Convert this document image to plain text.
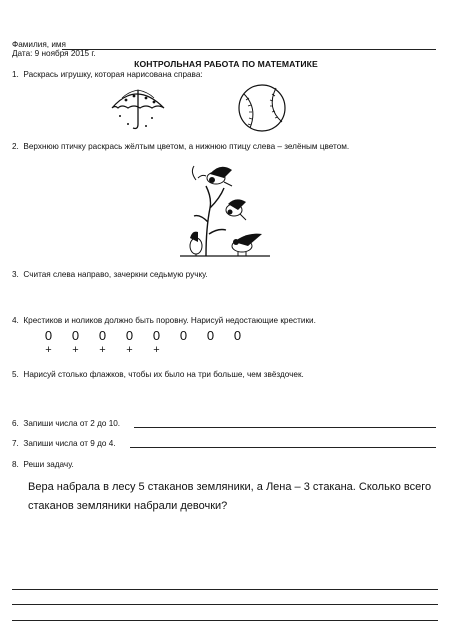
Фамилия, имя
Дата: 9 ноября 2015 г.
КОНТРОЛЬНАЯ РАБОТА ПО МАТЕМАТИКЕ
1. Раскрась игрушку, которая нарисована справа:
2. Верхнюю птичку раскрась жёлтым цветом, а нижнюю птицу слева – зелёным цветом.
3. Считая слева направо, зачеркни седьмую ручку.
4. Крестиков и ноликов должно быть поровну. Нарисуй недостающие крестики.
0 0 0 0 0 0 0 0
+ + + + +
5. Нарисуй столько флажков, чтобы их было на три больше, чем звёздочек.
6. Запиши числа от 2 до 10.
7. Запиши числа от 9 до 4.
8. Реши задачу.
Вера набрала в лесу 5 стаканов земляники, а Лена – 3 стакана. Сколько всего
стаканов земляники набрали девочки?
